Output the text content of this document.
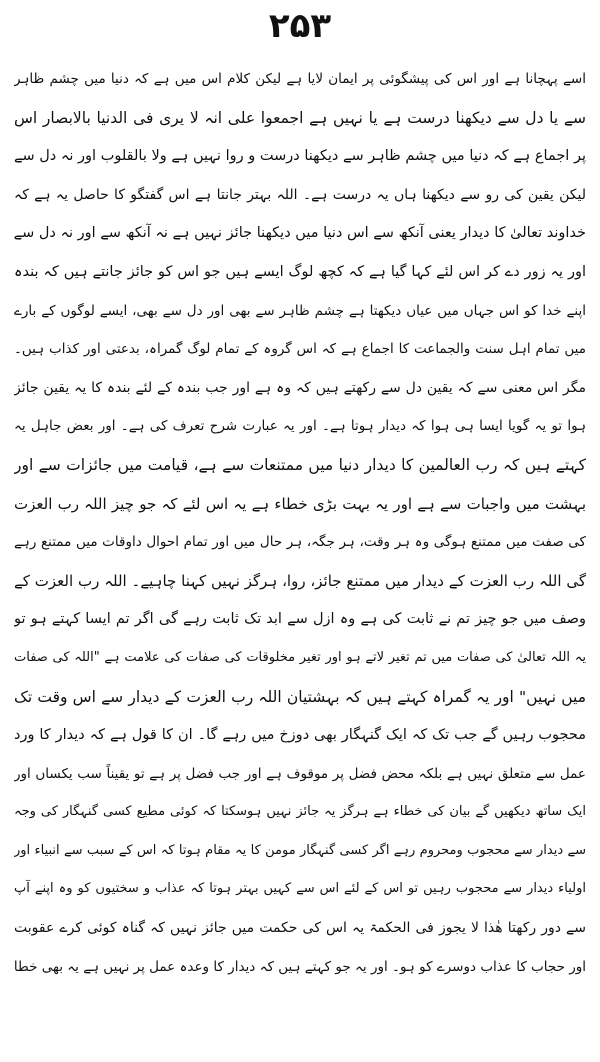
۲۵۳
اسے پہچانا ہے اور اس کی پیشگوئی پر ایمان لایا ہے لیکن کلام اس میں ہے کہ دنیا میں چشم ظاہر
سے یا دل سے دیکھنا درست ہے یا نہیں ہے اجمعوا علی انہ لا یری فی الدنیا بالابصار اس
پر اجماع ہے کہ دنیا میں چشم ظاہر سے دیکھنا درست و روا نہیں ہے ولا بالقلوب اور نہ دل سے
لیکن یقین کی رو سے دیکھنا ہاں یہ درست ہے۔ اللہ بہتر جانتا ہے اس گفتگو کا حاصل یہ ہے کہ
خداوند تعالیٰ کا دیدار یعنی آنکھ سے اس دنیا میں دیکھنا جائز نہیں ہے نہ آنکھ سے اور نہ دل سے
اور یہ زور دے کر اس لئے کہا گیا ہے کہ کچھ لوگ ایسے ہیں جو اس کو جائز جانتے ہیں کہ بندہ
اپنے خدا کو اس جہاں میں عیاں دیکھتا ہے چشم ظاہر سے بھی اور دل سے بھی، ایسے لوگوں کے بارے
میں تمام اہل سنت والجماعت کا اجماع ہے کہ اس گروہ کے تمام لوگ گمراہ، بدعتی اور کذاب ہیں۔
مگر اس معنی سے کہ یقین دل سے رکھتے ہیں کہ وہ ہے اور جب بندہ کے لئے بندہ کا یہ یقین جائز
ہوا تو یہ گویا ایسا ہی ہوا کہ دیدار ہوتا ہے۔ اور یہ عبارت شرح تعرف کی ہے۔ اور بعض جاہل یہ
کہتے ہیں کہ رب العالمین کا دیدار دنیا میں ممتنعات سے ہے، قیامت میں جائزات سے اور
بہشت میں واجبات سے ہے اور یہ بہت بڑی خطاء ہے یہ اس لئے کہ جو چیز اللہ رب العزت
کی صفت میں ممتنع ہوگی وہ ہر وقت، ہر جگہ، ہر حال میں اور تمام احوال داوقات میں ممتنع رہے
گی اللہ رب العزت کے دیدار میں ممتنع جائز، روا، ہرگز نہیں کہنا چاہیے۔ اللہ رب العزت کے
وصف میں جو چیز تم نے ثابت کی ہے وہ ازل سے ابد تک ثابت رہے گی اگر تم ایسا کہتے ہو تو
یہ اللہ تعالیٰ کی صفات میں تم تغیر لاتے ہو اور تغیر مخلوقات کی صفات کی علامت ہے "اللہ کی صفات
میں نہیں" اور یہ گمراہ کہتے ہیں کہ بہشتیان اللہ رب العزت کے دیدار سے اس وقت تک
محجوب رہیں گے جب تک کہ ایک گنہگار بھی دوزخ میں رہے گا۔ ان کا قول ہے کہ دیدار کا ورد
عمل سے متعلق نہیں ہے بلکہ محض فضل پر موقوف ہے اور جب فضل پر ہے تو یقیناً سب یکساں اور
ایک ساتھ دیکھیں گے بیان کی خطاء ہے ہرگز یہ جائز نہیں ہوسکتا کہ کوئی مطیع کسی گنہگار کی وجہ
سے دیدار سے محجوب ومحروم رہے اگر کسی گنہگار مومن کا یہ مقام ہوتا کہ اس کے سبب سے انبیاء اور
اولیاء دیدار سے محجوب رہیں تو اس کے لئے اس سے کہیں بہتر ہوتا کہ عذاب و سختیوں کو وہ اپنے آپ
سے دور رکھتا ھٰذا لا یجوز فی الحکمۃ یہ اس کی حکمت میں جائز نہیں کہ گناہ کوئی کرے عقوبت
اور حجاب کا عذاب دوسرے کو ہو۔ اور یہ جو کہتے ہیں کہ دیدار کا وعدہ عمل پر نہیں ہے یہ بھی خطا
